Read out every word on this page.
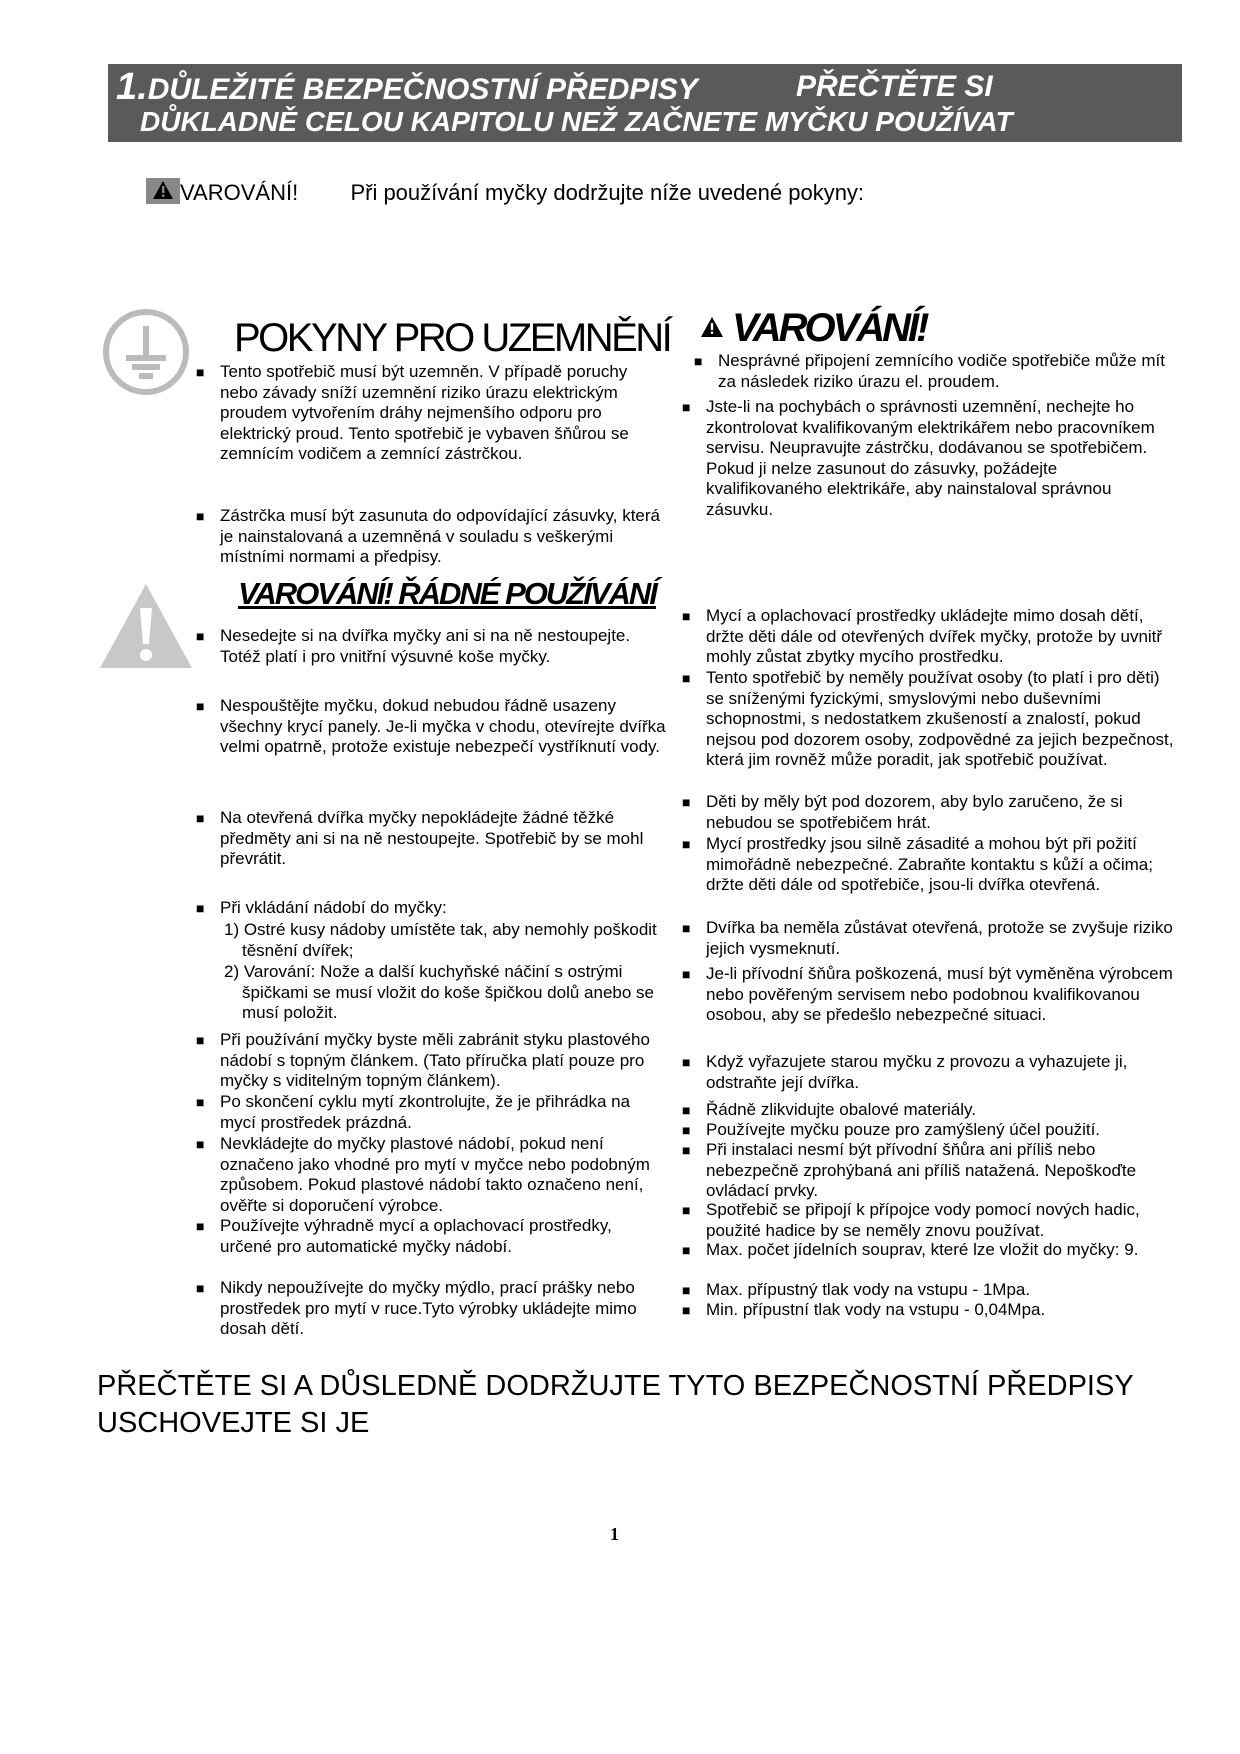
1.DŮLEŽITÉ BEZPEČNOSTNÍ PŘEDPISY	PŘEČTĚTE SI
DŮKLADNĚ CELOU KAPITOLU NEŽ ZAČNETE MYČKU POUŽÍVAT
VAROVÁNÍ! Při používání myčky dodržujte níže uvedené pokyny:
POKYNY PRO UZEMNĚNÍ
■ Tento spotřebič musí být uzemněn. V případě poruchy nebo závady sníží uzemnění riziko úrazu elektrickým proudem vytvořením dráhy nejmenšího odporu pro elektrický proud. Tento spotřebič je vybaven šňůrou se zemnícím vodičem a zemnící zástrčkou.
■ Zástrčka musí být zasunuta do odpovídající zásuvky, která je nainstalovaná a uzemněná v souladu s veškerými místními normami a předpisy.
VAROVÁNÍ!
■ Nesprávné připojení zemnícího vodiče spotřebiče může mít za následek riziko úrazu el. proudem.
■ Jste-li na pochybách o správnosti uzemnění, nechejte ho zkontrolovat kvalifikovaným elektrikářem nebo pracovníkem servisu. Neupravujte zástrčku, dodávanou se spotřebičem. Pokud ji nelze zasunout do zásuvky, požádejte kvalifikovaného elektrikáře, aby nainstaloval správnou zásuvku.
VAROVÁNÍ! ŘÁDNÉ POUŽÍVÁNÍ
■ Nesedejte si na dvířka myčky ani si na ně nestoupejte. Totéž platí i pro vnitřní výsuvné koše myčky.
■ Nespouštějte myčku, dokud nebudou řádně usazeny všechny krycí panely. Je-li myčka v chodu, otevírejte dvířka velmi opatrně, protože existuje nebezpečí vystříknutí vody.
■ Na otevřená dvířka myčky nepokládejte žádné těžké předměty ani si na ně nestoupejte. Spotřebič by se mohl převrátit.
■ Při vkládání nádobí do myčky:
1) Ostré kusy nádoby umístěte tak, aby nemohly poškodit těsnění dvířek;
2) Varování: Nože a další kuchyňské náčiní s ostrými špičkami se musí vložit do koše špičkou dolů anebo se musí položit.
■ Při používání myčky byste měli zabránit styku plastového nádobí s topným článkem. (Tato příručka platí pouze pro myčky s viditelným topným článkem).
■ Po skončení cyklu mytí zkontrolujte, že je přihrádka na mycí prostředek prázdná.
■ Nevkládejte do myčky plastové nádobí, pokud není označeno jako vhodné pro mytí v myčce nebo podobným způsobem. Pokud plastové nádobí takto označeno není, ověřte si doporučení výrobce.
■ Používejte výhradně mycí a oplachovací prostředky, určené pro automatické myčky nádobí.
■ Nikdy nepoužívejte do myčky mýdlo, prací prášky nebo prostředek pro mytí v ruce.Tyto výrobky ukládejte mimo dosah dětí.
■ Mycí a oplachovací prostředky ukládejte mimo dosah dětí, držte děti dále od otevřených dvířek myčky, protože by uvnitř mohly zůstat zbytky mycího prostředku.
■ Tento spotřebič by neměly používat osoby (to platí i pro děti) se sníženými fyzickými, smyslovými nebo duševními schopnostmi, s nedostatkem zkušeností a znalostí, pokud nejsou pod dozorem osoby, zodpovědné za jejich bezpečnost, která jim rovněž může poradit, jak spotřebič používat.
■ Děti by měly být pod dozorem, aby bylo zaručeno, že si nebudou se spotřebičem hrát.
■ Mycí prostředky jsou silně zásadité a mohou být při požití mimořádně nebezpečné. Zabraňte kontaktu s kůží a očima; držte děti dále od spotřebiče, jsou-li dvířka otevřená.
■ Dvířka ba neměla zůstávat otevřená, protože se zvyšuje riziko jejich vysmeknutí.
■ Je-li přívodní šňůra poškozená, musí být vyměněna výrobcem nebo pověřeným servisem nebo podobnou kvalifikovanou osobou, aby se předešlo nebezpečné situaci.
■ Když vyřazujete starou myčku z provozu a vyhazujete ji, odstraňte její dvířka.
■ Řádně zlikvidujte obalové materiály.
■ Používejte myčku pouze pro zamýšlený účel použití.
■ Při instalaci nesmí být přívodní šňůra ani příliš nebo nebezpečně zprohýbaná ani příliš natažená. Nepoškoďte ovládací prvky.
■ Spotřebič se připojí k přípojce vody pomocí nových hadic, použité hadice by se neměly znovu používat.
■ Max. počet jídelních souprav, které lze vložit do myčky: 9.
■ Max. přípustný tlak vody na vstupu - 1Mpa.
■ Min. přípustní tlak vody na vstupu - 0,04Mpa.
PŘEČTĚTE SI A DŮSLEDNĚ DODRŽUJTE TYTO BEZPEČNOSTNÍ PŘEDPISY
USCHOVEJTE SI JE
1
